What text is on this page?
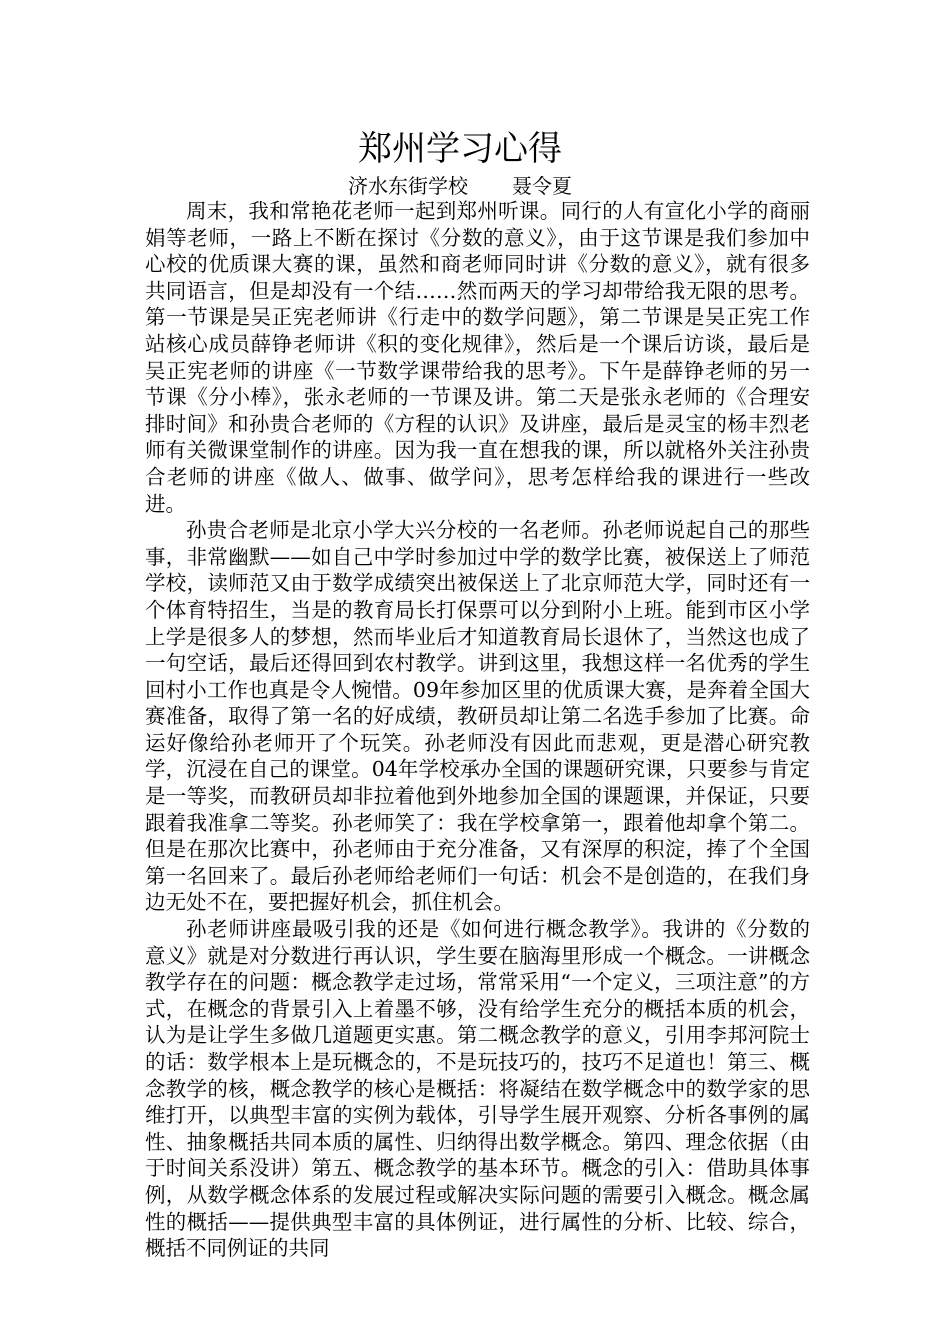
郑州学习心得
济水东街学校 聂令夏

周末，我和常艳花老师一起到郑州听课。同行的人有宣化小学的商丽娟等老师，一路上不断在探讨《分数的意义》，由于这节课是我们参加中心校的优质课大赛的课，虽然和商老师同时讲《分数的意义》，就有很多共同语言，但是却没有一个结……然而两天的学习却带给我无限的思考。第一节课是吴正宪老师讲《行走中的数学问题》，第二节课是吴正宪工作站核心成员薛铮老师讲《积的变化规律》，然后是一个课后访谈，最后是吴正宪老师的讲座《一节数学课带给我的思考》。下午是薛铮老师的另一节课《分小棒》，张永老师的一节课及讲。第二天是张永老师的《合理安排时间》和孙贵合老师的《方程的认识》及讲座，最后是灵宝的杨丰烈老师有关微课堂制作的讲座。因为我一直在想我的课，所以就格外关注孙贵合老师的讲座《做人、做事、做学问》，思考怎样给我的课进行一些改进。

孙贵合老师是北京小学大兴分校的一名老师。孙老师说起自己的那些事，非常幽默——如自己中学时参加过中学的数学比赛，被保送上了师范学校，读师范又由于数学成绩突出被保送上了北京师范大学，同时还有一个体育特招生，当是的教育局长打保票可以分到附小上班。能到市区小学上学是很多人的梦想，然而毕业后才知道教育局长退休了，当然这也成了一句空话，最后还得回到农村教学。讲到这里，我想这样一名优秀的学生回村小工作也真是令人惋惜。09年参加区里的优质课大赛，是奔着全国大赛准备，取得了第一名的好成绩，教研员却让第二名选手参加了比赛。命运好像给孙老师开了个玩笑。孙老师没有因此而悲观，更是潜心研究教学，沉浸在自己的课堂。04年学校承办全国的课题研究课，只要参与肯定是一等奖，而教研员却非拉着他到外地参加全国的课题课，并保证，只要跟着我准拿二等奖。孙老师笑了：我在学校拿第一，跟着他却拿个第二。但是在那次比赛中，孙老师由于充分准备，又有深厚的积淀，捧了个全国第一名回来了。最后孙老师给老师们一句话：机会不是创造的，在我们身边无处不在，要把握好机会，抓住机会。

孙老师讲座最吸引我的还是《如何进行概念教学》。我讲的《分数的意义》就是对分数进行再认识，学生要在脑海里形成一个概念。一讲概念教学存在的问题：概念教学走过场，常常采用“一个定义，三项注意”的方式，在概念的背景引入上着墨不够，没有给学生充分的概括本质的机会，认为是让学生多做几道题更实惠。第二概念教学的意义，引用李邦河院士的话：数学根本上是玩概念的，不是玩技巧的，技巧不足道也！第三、概念教学的核，概念教学的核心是概括：将凝结在数学概念中的数学家的思维打开，以典型丰富的实例为载体，引导学生展开观察、分析各事例的属性、抽象概括共同本质的属性、归纳得出数学概念。第四、理念依据（由于时间关系没讲）第五、概念教学的基本环节。概念的引入：借助具体事例，从数学概念体系的发展过程或解决实际问题的需要引入概念。概念属性的概括——提供典型丰富的具体例证，进行属性的分析、比较、综合，概括不同例证的共同
